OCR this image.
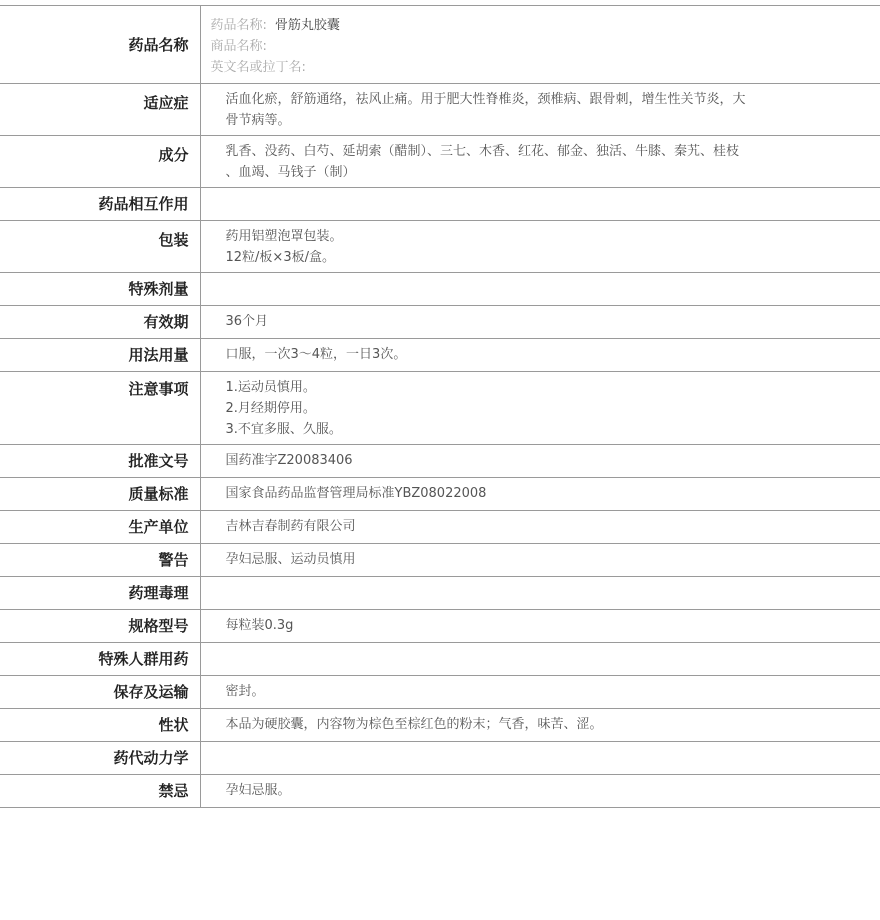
药品名称	药品名称: 骨筋丸胶囊
商品名称:
英文名或拉丁名:

适应症	活血化瘀，舒筋通络，祛风止痛。用于肥大性脊椎炎，颈椎病、跟骨刺，增生性关节炎，大
骨节病等。

成分	乳香、没药、白芍、延胡索（醋制）、三七、木香、红花、郁金、独活、牛膝、秦艽、桂枝
、血竭、马钱子（制）

药品相互作用	

包装	药用铝塑泡罩包装。
12粒/板×3板/盒。

特殊剂量	

有效期	36个月

用法用量	口服，一次3～4粒，一日3次。

注意事项	1.运动员慎用。
2.月经期停用。
3.不宜多服、久服。

批准文号	国药准字Z20083406

质量标准	国家食品药品监督管理局标准YBZ08022008

生产单位	吉林吉春制药有限公司

警告	孕妇忌服、运动员慎用

药理毒理	

规格型号	每粒装0.3g

特殊人群用药	

保存及运输	密封。

性状	本品为硬胶囊，内容物为棕色至棕红色的粉末；气香，味苦、涩。

药代动力学	

禁忌	孕妇忌服。
